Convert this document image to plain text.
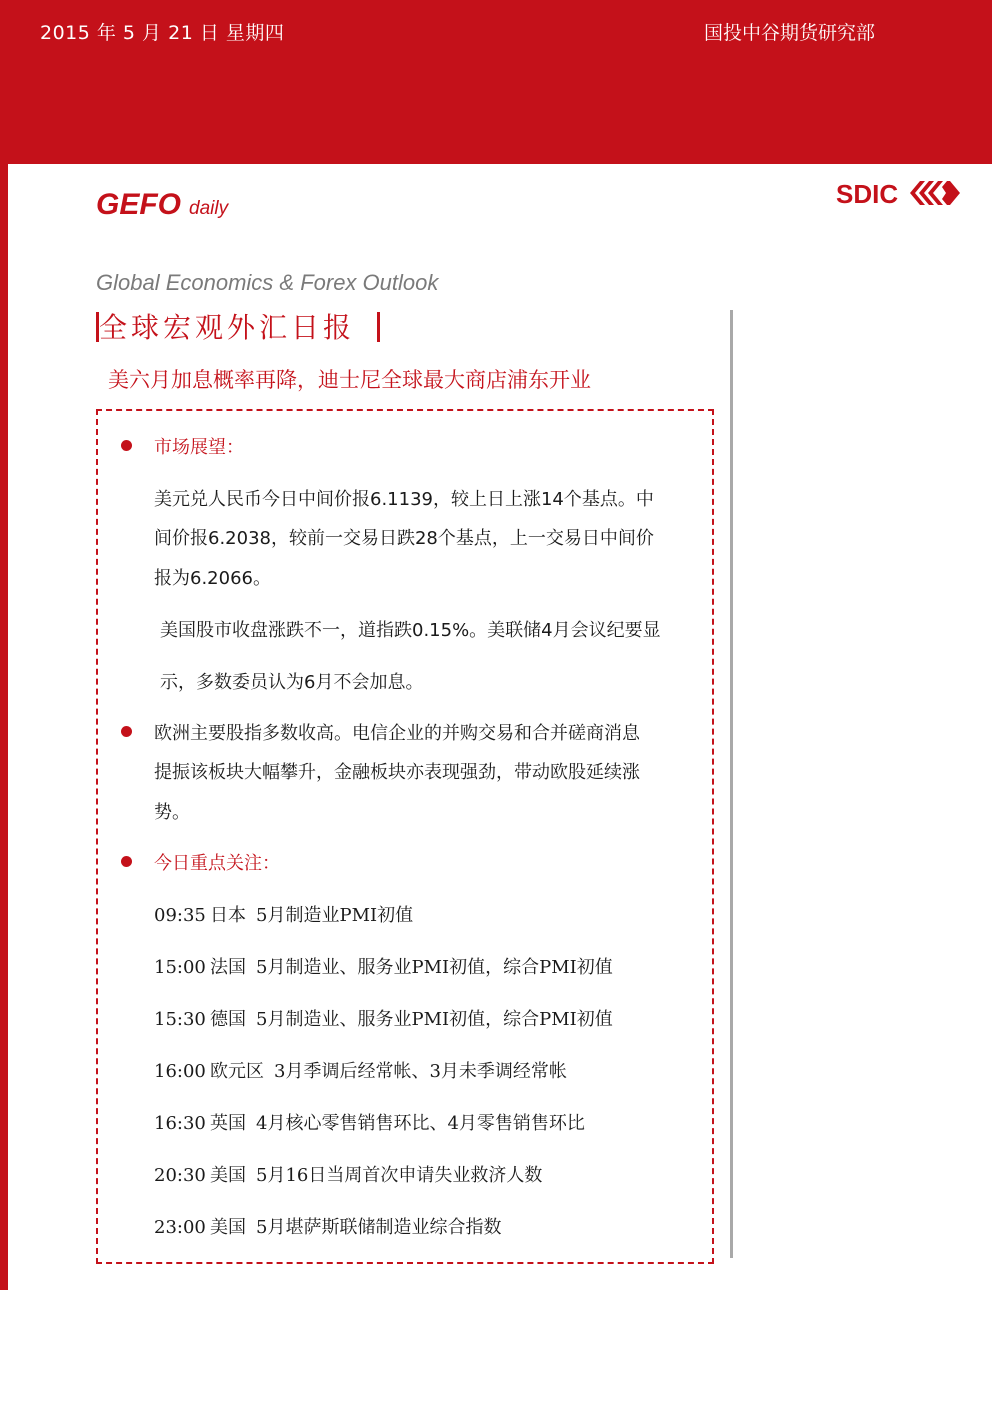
2015 年 5 月 21 日 星期四	国投中谷期货研究部
GEFO daily	SDIC
Global Economics & Forex Outlook
全球宏观外汇日报
美六月加息概率再降，迪士尼全球最大商店浦东开业
市场展望：
美元兑人民币今日中间价报6.1139，较上日上涨14个基点。中
间价报6.2038，较前一交易日跌28个基点，上一交易日中间价
报为6.2066。
美国股市收盘涨跌不一，道指跌0.15%。美联储4月会议纪要显
示，多数委员认为6月不会加息。
欧洲主要股指多数收高。电信企业的并购交易和合并磋商消息
提振该板块大幅攀升，金融板块亦表现强劲，带动欧股延续涨
势。
今日重点关注：
09:35 日本 5月制造业PMI初值
15:00 法国 5月制造业、服务业PMI初值，综合PMI初值
15:30 德国 5月制造业、服务业PMI初值，综合PMI初值
16:00 欧元区 3月季调后经常帐、3月未季调经常帐
16:30 英国 4月核心零售销售环比、4月零售销售环比
20:30 美国 5月16日当周首次申请失业救济人数
23:00 美国 5月堪萨斯联储制造业综合指数
